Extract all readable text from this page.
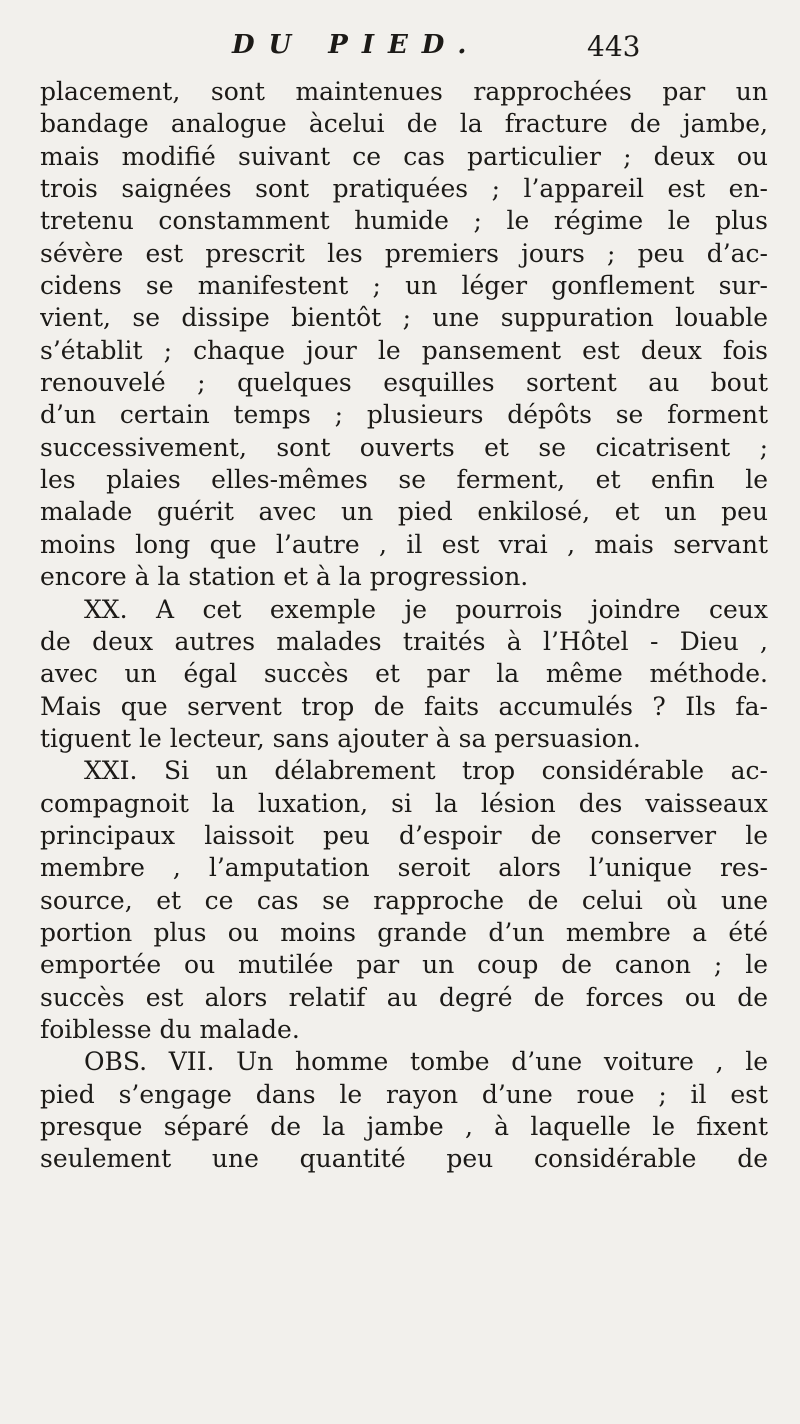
DU PIED.	443
placement, sont maintenues rapprochées par un
bandage analogue àcelui de la fracture de jambe,
mais modifié suivant ce cas particulier ; deux ou
trois saignées sont pratiquées ; l’appareil est en-
tretenu constamment humide ; le régime le plus
sévère est prescrit les premiers jours ; peu d’ac-
cidens se manifestent ; un léger gonflement sur-
vient, se dissipe bientôt ; une suppuration louable
s’établit ; chaque jour le pansement est deux fois
renouvelé ; quelques esquilles sortent au bout
d’un certain temps ; plusieurs dépôts se forment
successivement, sont ouverts et se cicatrisent ;
les plaies elles-mêmes se ferment, et enfin le
malade guérit avec un pied enkilosé, et un peu
moins long que l’autre , il est vrai , mais servant
encore à la station et à la progression.
XX. A cet exemple je pourrois joindre ceux
de deux autres malades traités à l’Hôtel - Dieu ,
avec un égal succès et par la même méthode.
Mais que servent trop de faits accumulés ? Ils fa-
tiguent le lecteur, sans ajouter à sa persuasion.
XXI. Si un délabrement trop considérable ac-
compagnoit la luxation, si la lésion des vaisseaux
principaux laissoit peu d’espoir de conserver le
membre , l’amputation seroit alors l’unique res-
source, et ce cas se rapproche de celui où une
portion plus ou moins grande d’un membre a été
emportée ou mutilée par un coup de canon ; le
succès est alors relatif au degré de forces ou de
foiblesse du malade.
OBS. VII. Un homme tombe d’une voiture , le
pied s’engage dans le rayon d’une roue ; il est
presque séparé de la jambe , à laquelle le fixent
seulement une quantité peu considérable de
